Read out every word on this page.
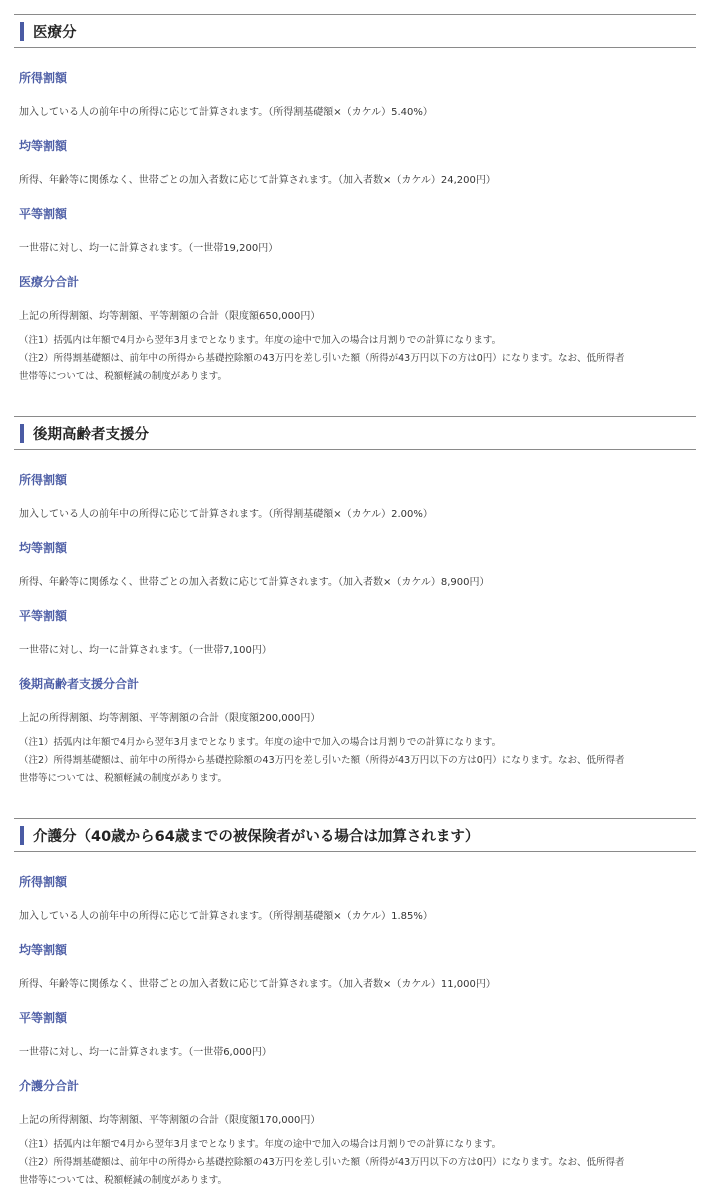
医療分
所得割額
加入している人の前年中の所得に応じて計算されます。（所得割基礎額×（カケル）5.40%）
均等割額
所得、年齢等に関係なく、世帯ごとの加入者数に応じて計算されます。（加入者数×（カケル）24,200円）
平等割額
一世帯に対し、均一に計算されます。（一世帯19,200円）
医療分合計
上記の所得割額、均等割額、平等割額の合計（限度額650,000円）
（注1）括弧内は年額で4月から翌年3月までとなります。年度の途中で加入の場合は月割りでの計算になります。
（注2）所得割基礎額は、前年中の所得から基礎控除額の43万円を差し引いた額（所得が43万円以下の方は0円）になります。なお、低所得者
世帯等については、税額軽減の制度があります。
後期高齢者支援分
所得割額
加入している人の前年中の所得に応じて計算されます。（所得割基礎額×（カケル）2.00%）
均等割額
所得、年齢等に関係なく、世帯ごとの加入者数に応じて計算されます。（加入者数×（カケル）8,900円）
平等割額
一世帯に対し、均一に計算されます。（一世帯7,100円）
後期高齢者支援分合計
上記の所得割額、均等割額、平等割額の合計（限度額200,000円）
（注1）括弧内は年額で4月から翌年3月までとなります。年度の途中で加入の場合は月割りでの計算になります。
（注2）所得割基礎額は、前年中の所得から基礎控除額の43万円を差し引いた額（所得が43万円以下の方は0円）になります。なお、低所得者
世帯等については、税額軽減の制度があります。
介護分（40歳から64歳までの被保険者がいる場合は加算されます）
所得割額
加入している人の前年中の所得に応じて計算されます。（所得割基礎額×（カケル）1.85%）
均等割額
所得、年齢等に関係なく、世帯ごとの加入者数に応じて計算されます。（加入者数×（カケル）11,000円）
平等割額
一世帯に対し、均一に計算されます。（一世帯6,000円）
介護分合計
上記の所得割額、均等割額、平等割額の合計（限度額170,000円）
（注1）括弧内は年額で4月から翌年3月までとなります。年度の途中で加入の場合は月割りでの計算になります。
（注2）所得割基礎額は、前年中の所得から基礎控除額の43万円を差し引いた額（所得が43万円以下の方は0円）になります。なお、低所得者
世帯等については、税額軽減の制度があります。
